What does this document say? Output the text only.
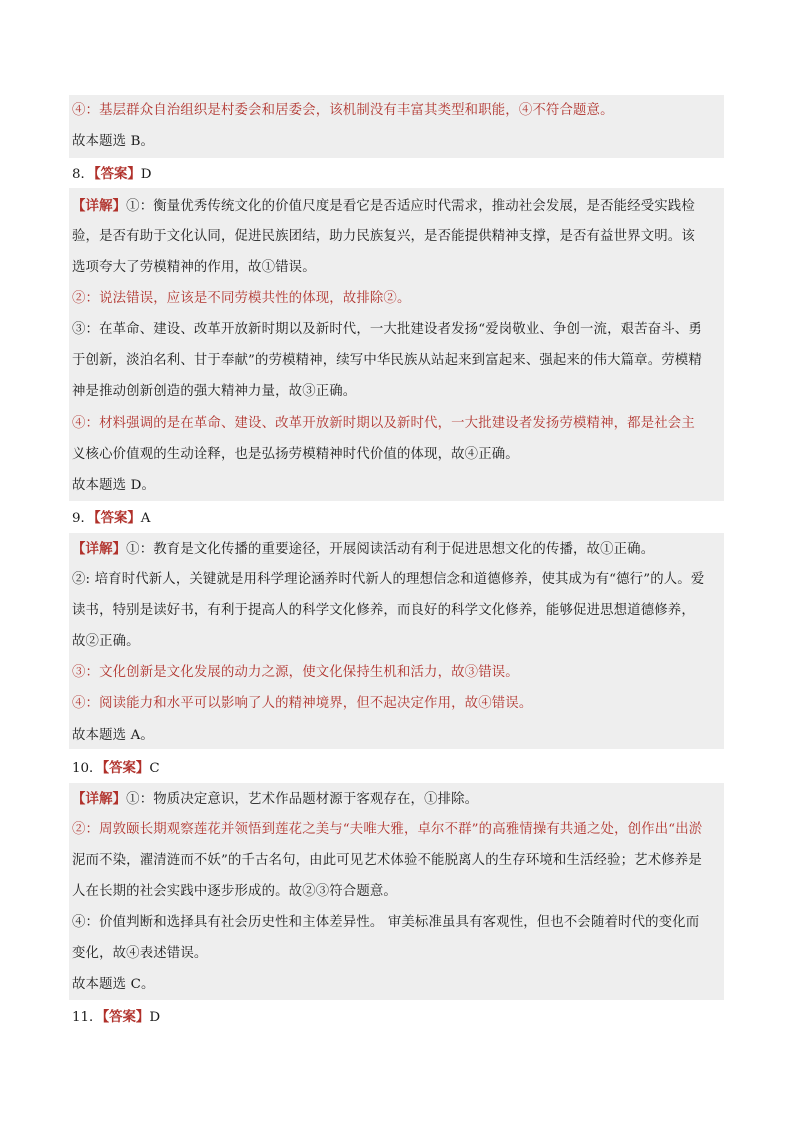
④：基层群众自治组织是村委会和居委会，该机制没有丰富其类型和职能，④不符合题意。
故本题选 B。
8．【答案】D
【详解】①：衡量优秀传统文化的价值尺度是看它是否适应时代需求，推动社会发展，是否能经受实践检
验，是否有助于文化认同，促进民族团结，助力民族复兴，是否能提供精神支撑，是否有益世界文明。该
选项夸大了劳模精神的作用，故①错误。
②：说法错误，应该是不同劳模共性的体现，故排除②。
③：在革命、建设、改革开放新时期以及新时代，一大批建设者发扬“爱岗敬业、争创一流，艰苦奋斗、勇
于创新，淡泊名利、甘于奉献”的劳模精神，续写中华民族从站起来到富起来、强起来的伟大篇章。劳模精
神是推动创新创造的强大精神力量，故③正确。
④：材料强调的是在革命、建设、改革开放新时期以及新时代，一大批建设者发扬劳模精神，都是社会主
义核心价值观的生动诠释，也是弘扬劳模精神时代价值的体现，故④正确。
故本题选 D。
9．【答案】A
【详解】①：教育是文化传播的重要途径，开展阅读活动有利于促进思想文化的传播，故①正确。
②: 培育时代新人，关键就是用科学理论涵养时代新人的理想信念和道德修养，使其成为有“德行”的人。爱
读书，特别是读好书，有利于提高人的科学文化修养，而良好的科学文化修养，能够促进思想道德修养，
故②正确。
③：文化创新是文化发展的动力之源，使文化保持生机和活力，故③错误。
④：阅读能力和水平可以影响了人的精神境界，但不起决定作用，故④错误。
故本题选 A。
10．【答案】C
【详解】①：物质决定意识，艺术作品题材源于客观存在，①排除。
②：周敦颐长期观察莲花并领悟到莲花之美与“夫唯大雅，卓尔不群”的高雅情操有共通之处，创作出“出淤
泥而不染，濯清涟而不妖”的千古名句，由此可见艺术体验不能脱离人的生存环境和生活经验；艺术修养是
人在长期的社会实践中逐步形成的。故②③符合题意。
④：价值判断和选择具有社会历史性和主体差异性。 审美标准虽具有客观性，但也不会随着时代的变化而
变化，故④表述错误。
故本题选 C。
11．【答案】D
